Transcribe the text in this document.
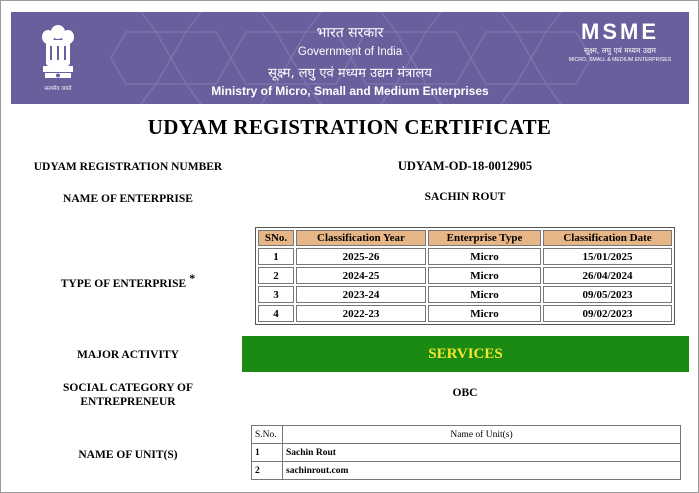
सत्यमेव जयते
भारत सरकार
Government of India
सूक्ष्म, लघु एवं मध्यम उद्यम मंत्रालय
Ministry of Micro, Small and Medium Enterprises
MSME
सूक्ष्म, लघु एवं मध्यम उद्यम
MICRO, SMALL & MEDIUM ENTERPRISES
UDYAM REGISTRATION CERTIFICATE
UDYAM REGISTRATION NUMBER	UDYAM-OD-18-0012905
NAME OF ENTERPRISE	SACHIN ROUT
TYPE OF ENTERPRISE *
SNo.	Classification Year	Enterprise Type	Classification Date
1	2025-26	Micro	15/01/2025
2	2024-25	Micro	26/04/2024
3	2023-24	Micro	09/05/2023
4	2022-23	Micro	09/02/2023
MAJOR ACTIVITY	SERVICES
SOCIAL CATEGORY OF
ENTREPRENEUR
OBC
NAME OF UNIT(S)
S.No.	Name of Unit(s)
1	Sachin Rout
2	sachinrout.com
